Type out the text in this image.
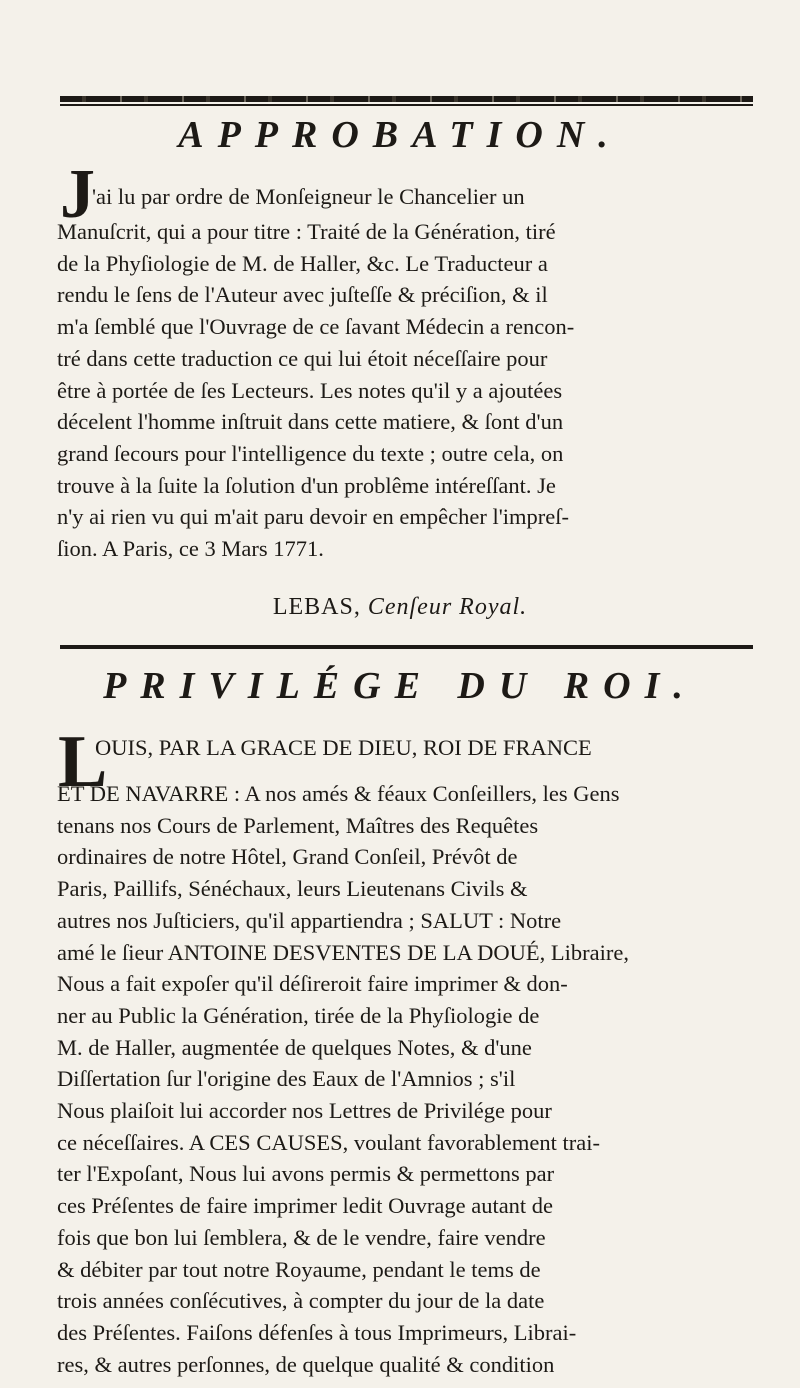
APPROBATION.
J
'ai lu par ordre de Monſeigneur le Chancelier un

Manuſcrit, qui a pour titre : Traité de la Génération, tiré
de la Phyſiologie de M. de Haller, &c. Le Traducteur a
rendu le ſens de l'Auteur avec juſteſſe & préciſion, & il
m'a ſemblé que l'Ouvrage de ce ſavant Médecin a rencon-
tré dans cette traduction ce qui lui étoit néceſſaire pour
être à portée de ſes Lecteurs. Les notes qu'il y a ajoutées
décelent l'homme inſtruit dans cette matiere, & ſont d'un
grand ſecours pour l'intelligence du texte ; outre cela, on
trouve à la ſuite la ſolution d'un problême intéreſſant. Je
n'y ai rien vu qui m'ait paru devoir en empêcher l'impreſ-
ſion. A Paris, ce 3 Mars 1771.

LEBAS, Cenſeur Royal.
PRIVILÉGE DU ROI.
L
OUIS, PAR LA GRACE DE DIEU, ROI DE FRANCE

ET DE NAVARRE : A nos amés & féaux Conſeillers, les Gens
tenans nos Cours de Parlement, Maîtres des Requêtes
ordinaires de notre Hôtel, Grand Conſeil, Prévôt de
Paris, Paillifs, Sénéchaux, leurs Lieutenans Civils &
autres nos Juſticiers, qu'il appartiendra ; SALUT : Notre
amé le ſieur ANTOINE DESVENTES DE LA DOUÉ, Libraire,
Nous a fait expoſer qu'il déſireroit faire imprimer & don-
ner au Public la Génération, tirée de la Phyſiologie de
M. de Haller, augmentée de quelques Notes, & d'une
Diſſertation ſur l'origine des Eaux de l'Amnios ; s'il
Nous plaiſoit lui accorder nos Lettres de Privilége pour
ce néceſſaires. A CES CAUSES, voulant favorablement trai-
ter l'Expoſant, Nous lui avons permis & permettons par
ces Préſentes de faire imprimer ledit Ouvrage autant de
fois que bon lui ſemblera, & de le vendre, faire vendre
& débiter par tout notre Royaume, pendant le tems de
trois années conſécutives, à compter du jour de la date
des Préſentes. Faiſons défenſes à tous Imprimeurs, Librai-
res, & autres perſonnes, de quelque qualité & condition
